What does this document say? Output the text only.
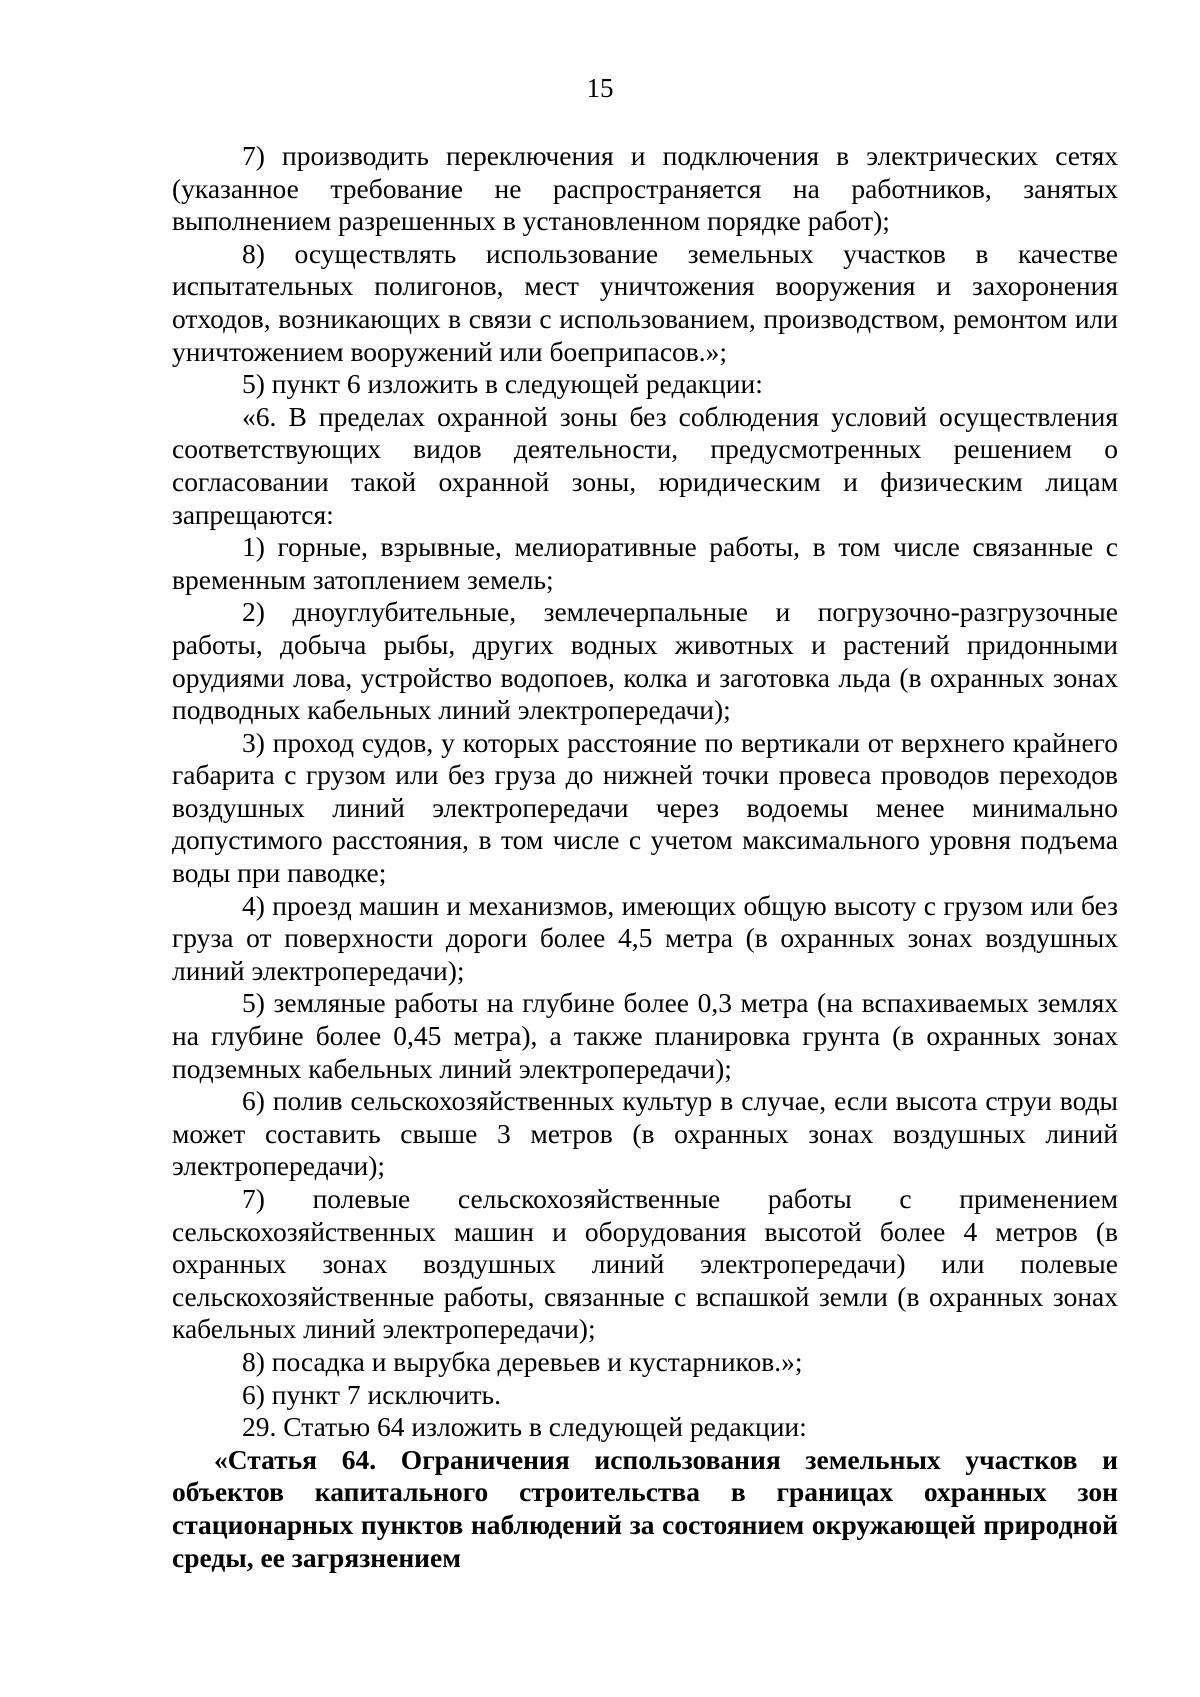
15

7) производить переключения и подключения в электрических сетях (указанное требование не распространяется на работников, занятых выполнением разрешенных в установленном порядке работ);

8) осуществлять использование земельных участков в качестве испытательных полигонов, мест уничтожения вооружения и захоронения отходов, возникающих в связи с использованием, производством, ремонтом или уничтожением вооружений или боеприпасов.»;

5) пункт 6 изложить в следующей редакции:

«6. В пределах охранной зоны без соблюдения условий осуществления соответствующих видов деятельности, предусмотренных решением о согласовании такой охранной зоны, юридическим и физическим лицам запрещаются:

1) горные, взрывные, мелиоративные работы, в том числе связанные с временным затоплением земель;

2) дноуглубительные, землечерпальные и погрузочно-разгрузочные работы, добыча рыбы, других водных животных и растений придонными орудиями лова, устройство водопоев, колка и заготовка льда (в охранных зонах подводных кабельных линий электропередачи);

3) проход судов, у которых расстояние по вертикали от верхнего крайнего габарита с грузом или без груза до нижней точки провеса проводов переходов воздушных линий электропередачи через водоемы менее минимально допустимого расстояния, в том числе с учетом максимального уровня подъема воды при паводке;

4) проезд машин и механизмов, имеющих общую высоту с грузом или без груза от поверхности дороги более 4,5 метра (в охранных зонах воздушных линий электропередачи);

5) земляные работы на глубине более 0,3 метра (на вспахиваемых землях на глубине более 0,45 метра), а также планировка грунта (в охранных зонах подземных кабельных линий электропередачи);

6) полив сельскохозяйственных культур в случае, если высота струи воды может составить свыше 3 метров (в охранных зонах воздушных линий электропередачи);

7) полевые сельскохозяйственные работы с применением сельскохозяйственных машин и оборудования высотой более 4 метров (в охранных зонах воздушных линий электропередачи) или полевые сельскохозяйственные работы, связанные с вспашкой земли (в охранных зонах кабельных линий электропередачи);

8) посадка и вырубка деревьев и кустарников.»;

6) пункт 7 исключить.

29. Статью 64 изложить в следующей редакции:

«Статья 64. Ограничения использования земельных участков и объектов капитального строительства в границах охранных зон стационарных пунктов наблюдений за состоянием окружающей природной среды, ее загрязнением
